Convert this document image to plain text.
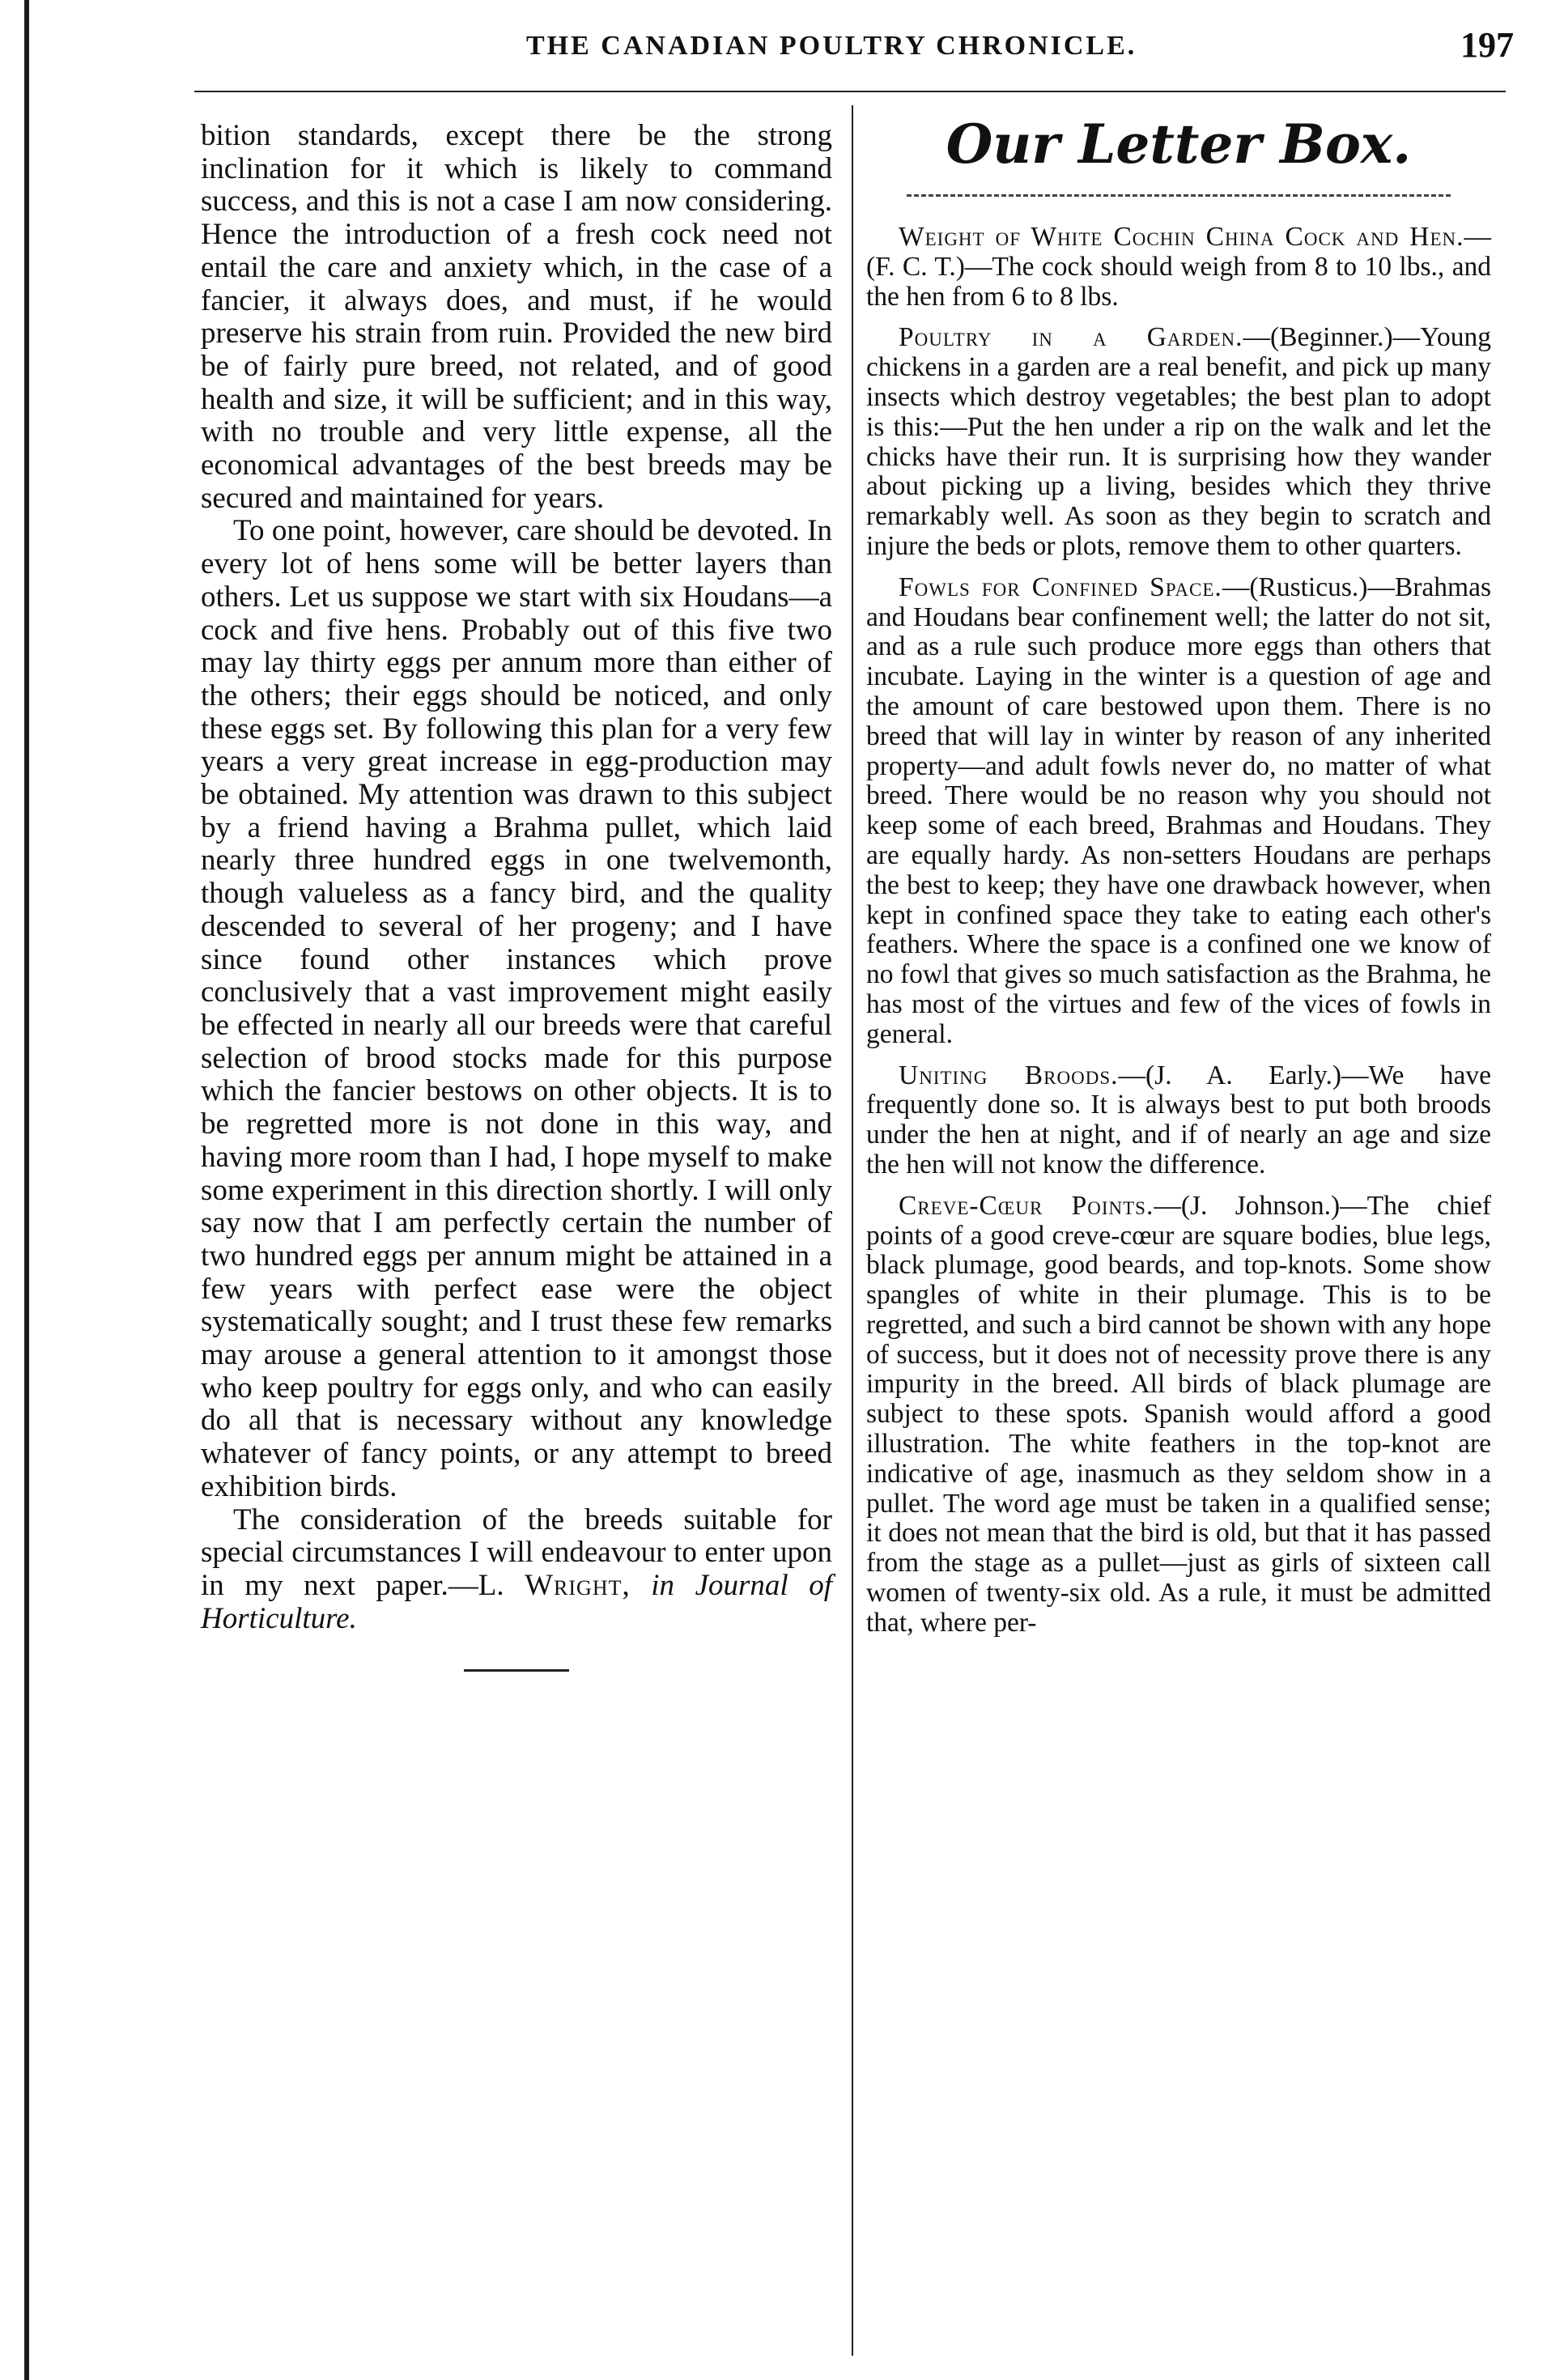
THE CANADIAN POULTRY CHRONICLE.	197

bition standards, except there be the strong inclination for it which is likely to command success, and this is not a case I am now considering. Hence the introduction of a fresh cock need not entail the care and anxiety which, in the case of a fancier, it always does, and must, if he would preserve his strain from ruin. Provided the new bird be of fairly pure breed, not related, and of good health and size, it will be sufficient; and in this way, with no trouble and very little expense, all the economical advantages of the best breeds may be secured and maintained for years.

To one point, however, care should be devoted. In every lot of hens some will be better layers than others. Let us suppose we start with six Houdans—a cock and five hens. Probably out of this five two may lay thirty eggs per annum more than either of the others; their eggs should be noticed, and only these eggs set. By following this plan for a very few years a very great increase in egg-production may be obtained. My attention was drawn to this subject by a friend having a Brahma pullet, which laid nearly three hundred eggs in one twelvemonth, though valueless as a fancy bird, and the quality descended to several of her progeny; and I have since found other instances which prove conclusively that a vast improvement might easily be effected in nearly all our breeds were that careful selection of brood stocks made for this purpose which the fancier bestows on other objects. It is to be regretted more is not done in this way, and having more room than I had, I hope myself to make some experiment in this direction shortly. I will only say now that I am perfectly certain the number of two hundred eggs per annum might be attained in a few years with perfect ease were the object systematically sought; and I trust these few remarks may arouse a general attention to it amongst those who keep poultry for eggs only, and who can easily do all that is necessary without any knowledge whatever of fancy points, or any attempt to breed exhibition birds.

The consideration of the breeds suitable for special circumstances I will endeavour to enter upon in my next paper.—L. Wright, in Journal of Horticulture.

Our Letter Box.

Weight of White Cochin China Cock and Hen.—(F. C. T.)—The cock should weigh from 8 to 10 lbs., and the hen from 6 to 8 lbs.

Poultry in a Garden.—(Beginner.)—Young chickens in a garden are a real benefit, and pick up many insects which destroy vegetables; the best plan to adopt is this:—Put the hen under a rip on the walk and let the chicks have their run. It is surprising how they wander about picking up a living, besides which they thrive remarkably well. As soon as they begin to scratch and injure the beds or plots, remove them to other quarters.

Fowls for Confined Space.—(Rusticus.)—Brahmas and Houdans bear confinement well; the latter do not sit, and as a rule such produce more eggs than others that incubate. Laying in the winter is a question of age and the amount of care bestowed upon them. There is no breed that will lay in winter by reason of any inherited property—and adult fowls never do, no matter of what breed. There would be no reason why you should not keep some of each breed, Brahmas and Houdans. They are equally hardy. As non-setters Houdans are perhaps the best to keep; they have one drawback however, when kept in confined space they take to eating each other's feathers. Where the space is a confined one we know of no fowl that gives so much satisfaction as the Brahma, he has most of the virtues and few of the vices of fowls in general.

Uniting Broods.—(J. A. Early.)—We have frequently done so. It is always best to put both broods under the hen at night, and if of nearly an age and size the hen will not know the difference.

Creve-Cœur Points.—(J. Johnson.)—The chief points of a good creve-cœur are square bodies, blue legs, black plumage, good beards, and top-knots. Some show spangles of white in their plumage. This is to be regretted, and such a bird cannot be shown with any hope of success, but it does not of necessity prove there is any impurity in the breed. All birds of black plumage are subject to these spots. Spanish would afford a good illustration. The white feathers in the top-knot are indicative of age, inasmuch as they seldom show in a pullet. The word age must be taken in a qualified sense; it does not mean that the bird is old, but that it has passed from the stage as a pullet—just as girls of sixteen call women of twenty-six old. As a rule, it must be admitted that, where per-
